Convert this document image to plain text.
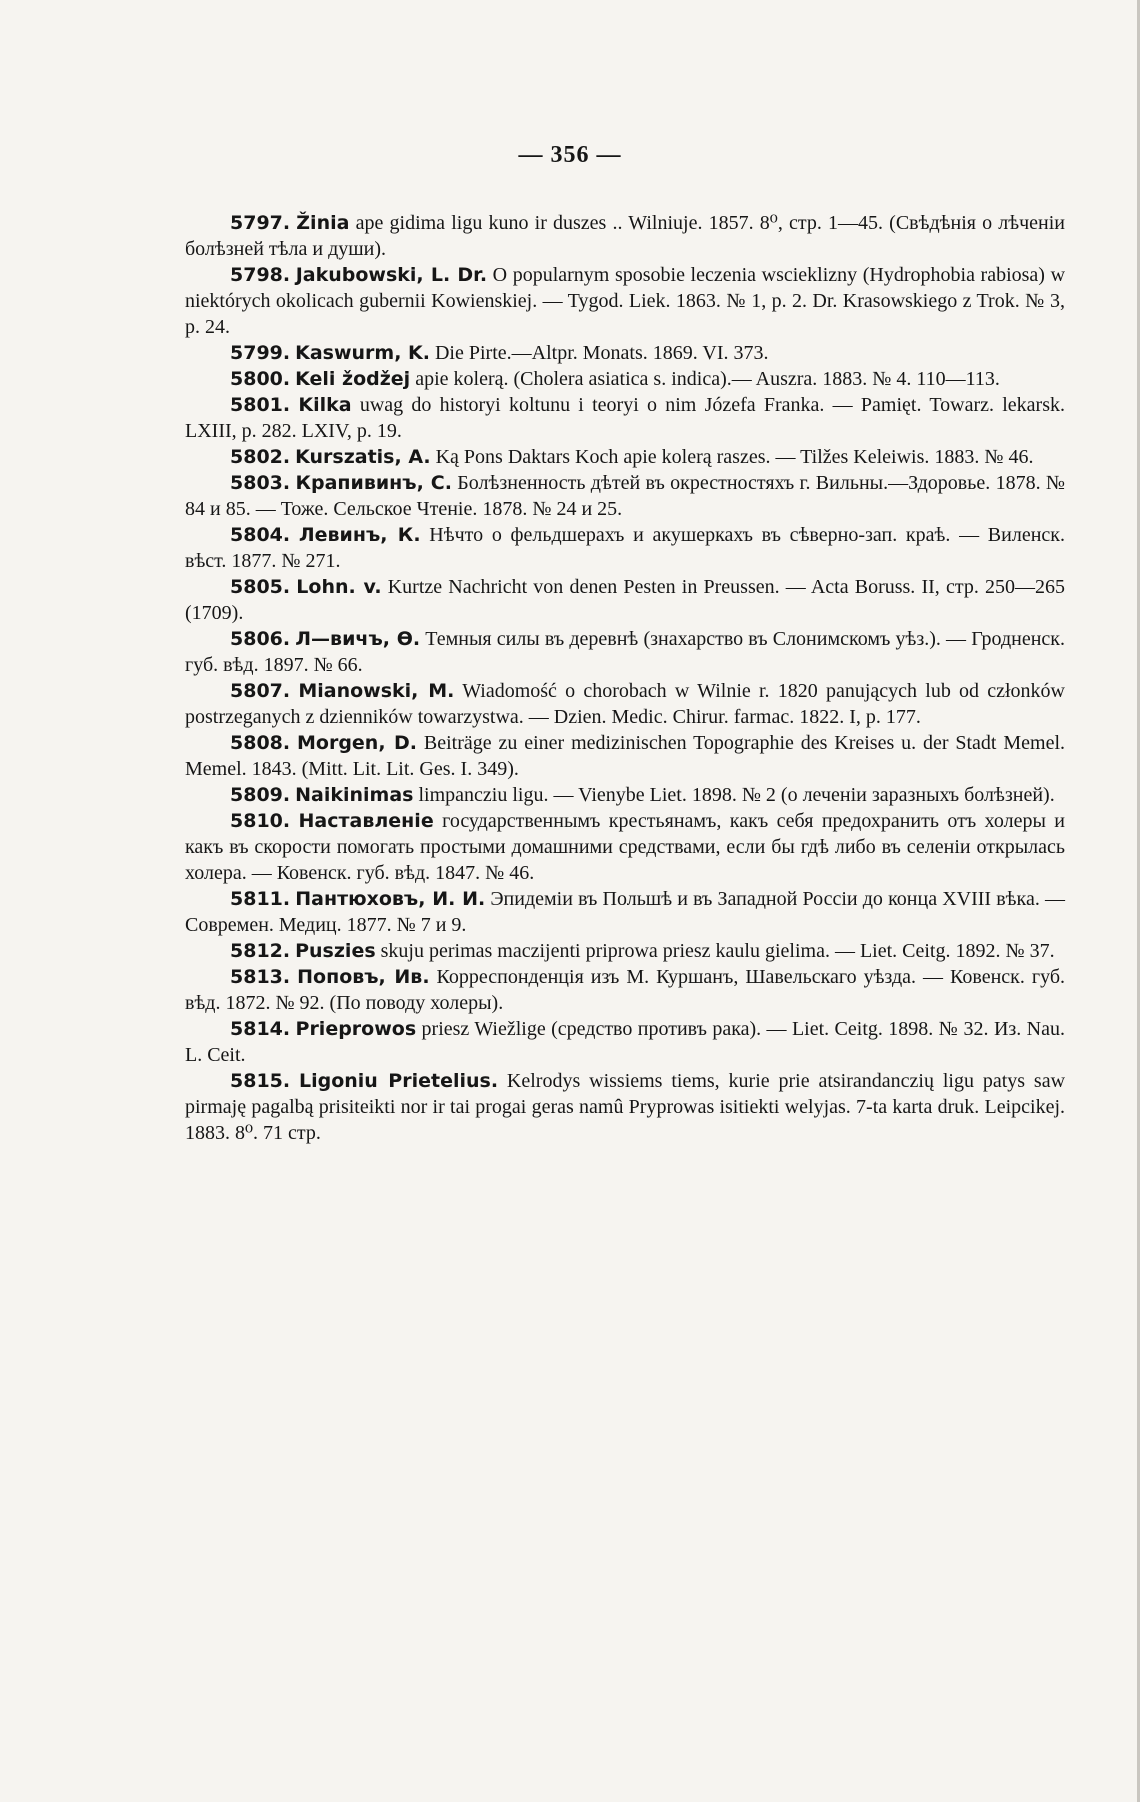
— 356 —

5797. Žinia ape gidima ligu kuno ir duszes .. Wilniuje. 1857. 8⁰, стр. 1—45. (Свѣдѣнія о лѣченіи болѣзней тѣла и души).

5798. Jakubowski, L. Dr. O popularnym sposobie leczenia wscieklizny (Hydrophobia rabiosa) w niektórych okolicach gubernii Kowienskiej. — Tygod. Liek. 1863. № 1, p. 2. Dr. Krasowskiego z Trok. № 3, p. 24.

5799. Kaswurm, K. Die Pirte.—Altpr. Monats. 1869. VI. 373.

5800. Keli žodžej apie kolerą. (Cholera asiatica s. indica).— Auszra. 1883. № 4. 110—113.

5801. Kilka uwag do historyi koltunu i teoryi o nim Józefa Franka. — Pamięt. Towarz. lekarsk. LXIII, p. 282. LXIV, p. 19.

5802. Kurszatis, A. Ką Pons Daktars Koch apie kolerą raszes. — Tilžes Keleiwis. 1883. № 46.

5803. Крапивинъ, С. Болѣзненность дѣтей въ окрестностяхъ г. Вильны.—Здоровье. 1878. № 84 и 85. — Тоже. Сельское Чтеніе. 1878. № 24 и 25.

5804. Левинъ, К. Нѣчто о фельдшерахъ и акушеркахъ въ сѣверно-зап. краѣ. — Виленск. вѣст. 1877. № 271.

5805. Lohn. v. Kurtze Nachricht von denen Pesten in Preussen. — Acta Boruss. II, стр. 250—265 (1709).

5806. Л—вичъ, Ө. Темныя силы въ деревнѣ (знахарство въ Слонимскомъ уѣз.). — Гродненск. губ. вѣд. 1897. № 66.

5807. Mianowski, M. Wiadomość o chorobach w Wilnie r. 1820 panujących lub od członków postrzeganych z dzienników towarzystwa. — Dzien. Medic. Chirur. farmac. 1822. I, p. 177.

5808. Morgen, D. Beiträge zu einer medizinischen Topographie des Kreises u. der Stadt Memel. Memel. 1843. (Mitt. Lit. Lit. Ges. I. 349).

5809. Naikinimas limpancziu ligu. — Vienybe Liet. 1898. № 2 (о леченіи заразныхъ болѣзней).

5810. Наставленіе государственнымъ крестьянамъ, какъ себя предохранить отъ холеры и какъ въ скорости помогать простыми домашними средствами, если бы гдѣ либо въ селеніи открылась холера. — Ковенск. губ. вѣд. 1847. № 46.

5811. Пантюховъ, И. И. Эпидеміи въ Польшѣ и въ Западной Россіи до конца XVIII вѣка. — Современ. Медиц. 1877. № 7 и 9.

5812. Puszies skuju perimas maczijenti priprowa priesz kaulu gielima. — Liet. Ceitg. 1892. № 37.

5813. Поповъ, Ив. Корреспонденція изъ М. Куршанъ, Шавельскаго уѣзда. — Ковенск. губ. вѣд. 1872. № 92. (По поводу холеры).

5814. Prieprowos priesz Wiežlige (средство противъ рака). — Liet. Ceitg. 1898. № 32. Из. Nau. L. Ceit.

5815. Ligoniu Prietelius. Kelrodys wissiems tiems, kurie prie atsirandanczių ligu patys saw pirmaję pagalbą prisiteikti nor ir tai progai geras namû Pryprowas isitiekti welyjas. 7-ta karta druk. Leipcikej. 1883. 8⁰. 71 стр.
